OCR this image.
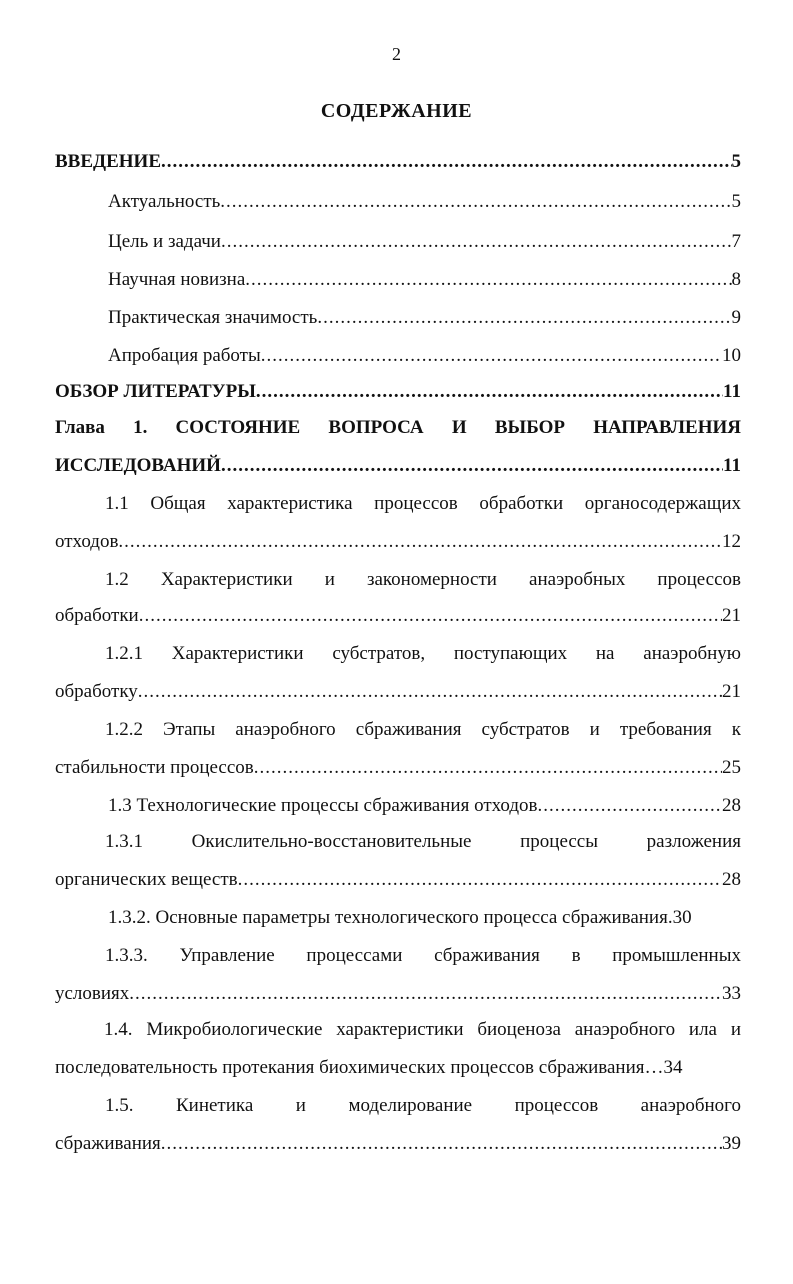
2
СОДЕРЖАНИЕ
ВВЕДЕНИЕ .....	5
Актуальность .....	5
Цель и задачи .....	7
Научная новизна .....	8
Практическая значимость .....	9
Апробация работы .....	10
ОБЗОР ЛИТЕРАТУРЫ .....	11
Глава 1. СОСТОЯНИЕ ВОПРОСА И ВЫБОР НАПРАВЛЕНИЯ
ИССЛЕДОВАНИЙ .....	11
1.1 Общая характеристика процессов обработки органосодержащих
отходов .....	12
1.2 Характеристики и закономерности анаэробных процессов
обработки .....	21
1.2.1 Характеристики субстратов, поступающих на анаэробную
обработку .....	21
1.2.2 Этапы анаэробного сбраживания субстратов и требования к
стабильности процессов .....	25
1.3 Технологические процессы сбраживания отходов .....	28
1.3.1 Окислительно-восстановительные процессы разложения
органических веществ .....	28
1.3.2. Основные параметры технологического процесса сбраживания. 30
1.3.3. Управление процессами сбраживания в промышленных
условиях .....	33
1.4. Микробиологические характеристики биоценоза анаэробного ила и
последовательность протекания биохимических процессов сбраживания… 34
1.5. Кинетика и моделирование процессов анаэробного
сбраживания .....	39
